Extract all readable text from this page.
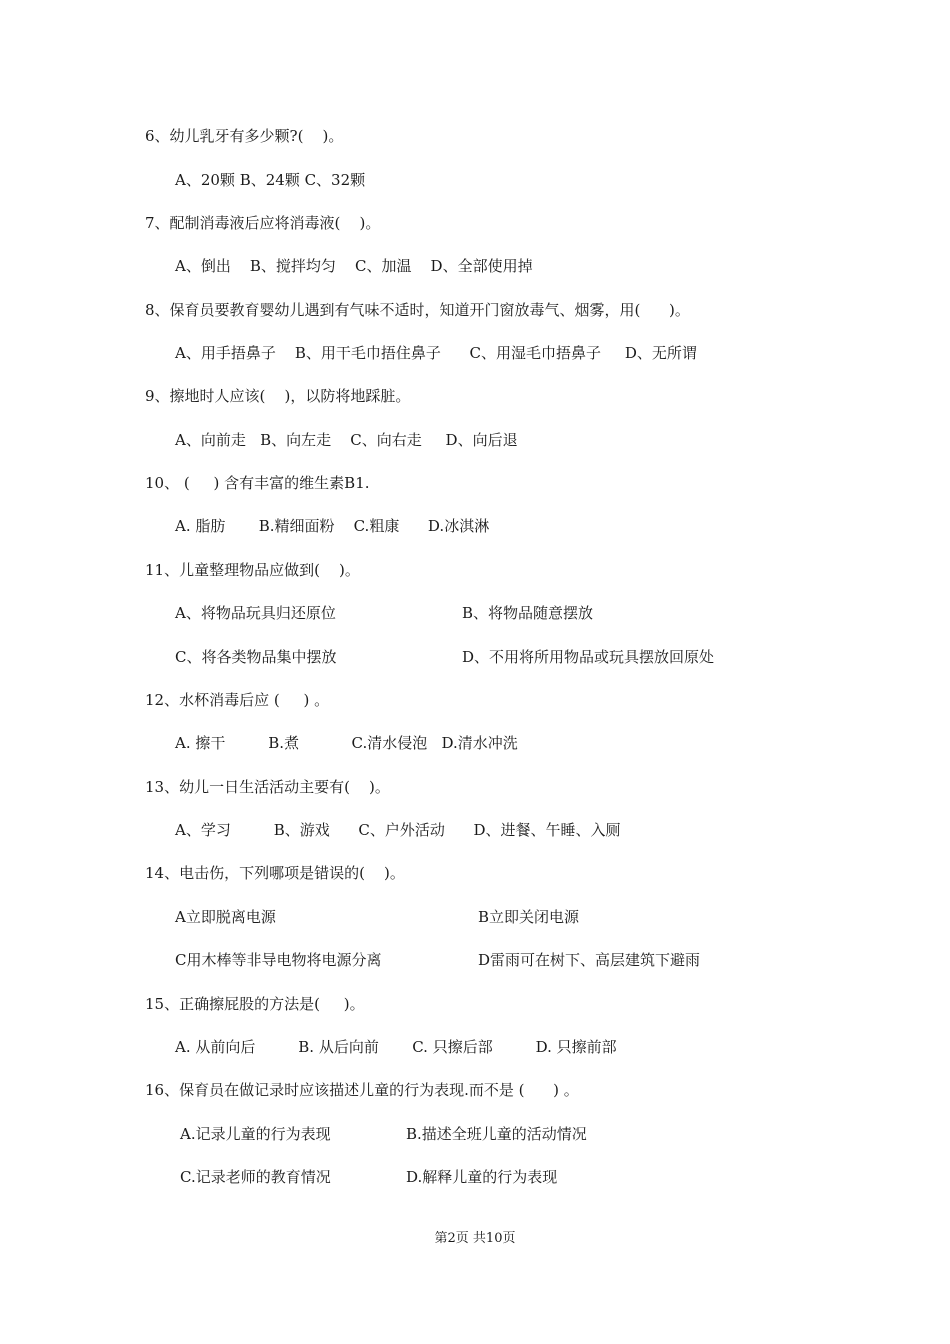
6、幼儿乳牙有多少颗?(    )。
A、20颗 B、24颗 C、32颗
7、配制消毒液后应将消毒液(    )。
A、倒出    B、搅拌均匀    C、加温    D、全部使用掉
8、保育员要教育婴幼儿遇到有气味不适时，知道开门窗放毒气、烟雾，用(      )。
A、用手捂鼻子    B、用干毛巾捂住鼻子      C、用湿毛巾捂鼻子     D、无所谓
9、擦地时人应该(    )，以防将地踩脏。
A、向前走   B、向左走    C、向右走     D、向后退
10、 (     ) 含有丰富的维生素B1.
A. 脂肪       B.精细面粉    C.粗康      D.冰淇淋
11、儿童整理物品应做到(    )。
A、将物品玩具归还原位	B、将物品随意摆放
C、将各类物品集中摆放	D、不用将所用物品或玩具摆放回原处
12、水杯消毒后应 (     ) 。
A. 擦干         B.煮           C.清水侵泡   D.清水冲洗
13、幼儿一日生活活动主要有(    )。
A、学习         B、游戏      C、户外活动      D、进餐、午睡、入厕
14、电击伤，下列哪项是错误的(    )。
A立即脱离电源	B立即关闭电源
C用木棒等非导电物将电源分离	D雷雨可在树下、高层建筑下避雨
15、正确擦屁股的方法是(     )。
A. 从前向后         B. 从后向前       C. 只擦后部         D. 只擦前部
16、保育员在做记录时应该描述儿童的行为表现.而不是 (      ) 。
A.记录儿童的行为表现	B.描述全班儿童的活动情况
C.记录老师的教育情况	D.解释儿童的行为表现
第2页 共10页
